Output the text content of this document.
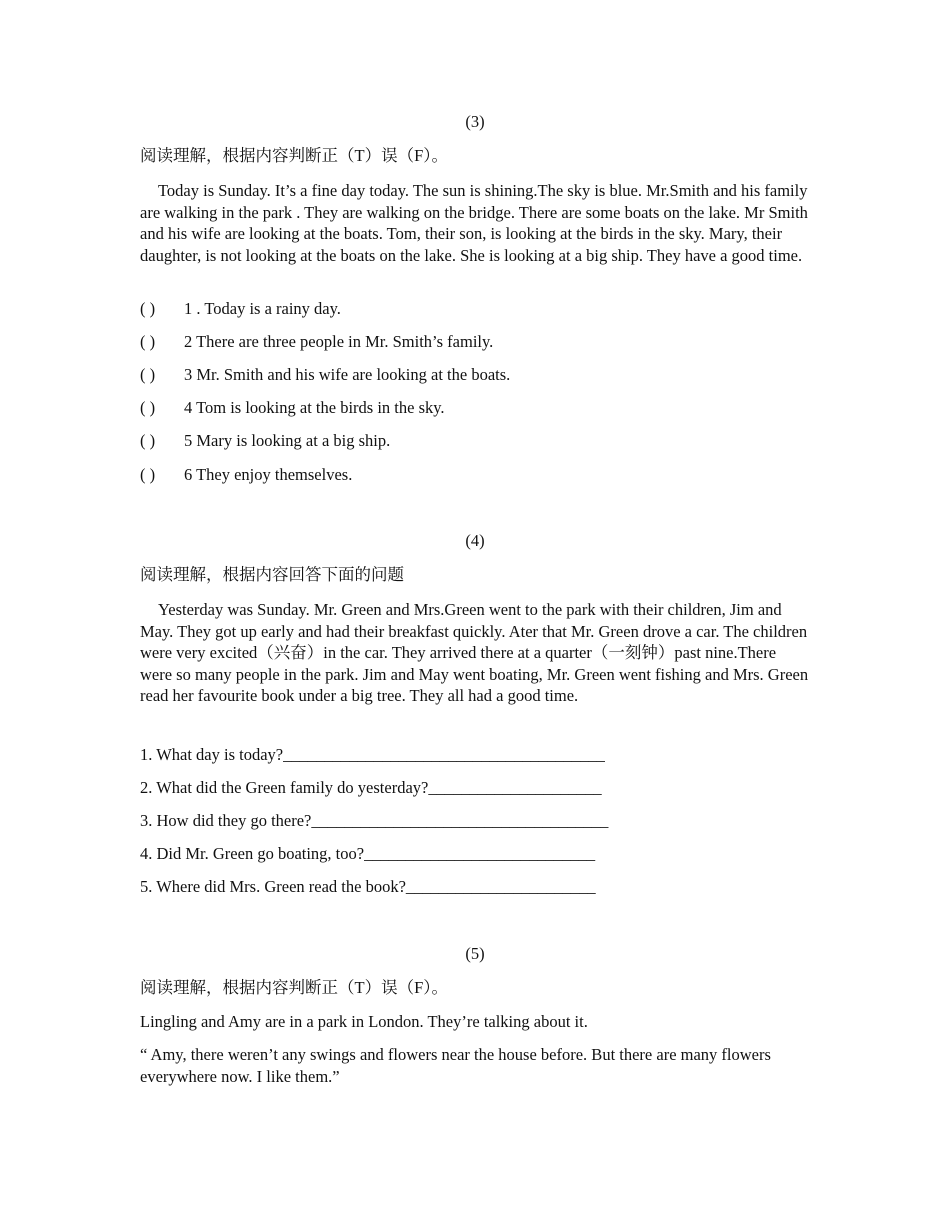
(3)
阅读理解，根据内容判断正（T）误（F）。
Today is Sunday. It’s a fine day today. The sun is shining.The sky is blue. Mr.Smith and his family are walking in the park . They are walking on the bridge. There are some boats on the lake. Mr Smith and his wife are looking at the boats. Tom, their son, is looking at the birds in the sky. Mary, their daughter, is not looking at the boats on the lake. She is looking at a big ship. They have a good time.
( ) 1 . Today is a rainy day.
( ) 2 There are three people in Mr. Smith’s family.
( ) 3 Mr. Smith and his wife are looking at the boats.
( ) 4 Tom is looking at the birds in the sky.
( ) 5 Mary is looking at a big ship.
( ) 6 They enjoy themselves.
(4)
阅读理解，根据内容回答下面的问题
Yesterday was Sunday. Mr. Green and Mrs.Green went to the park with their children, Jim and May. They got up early and had their breakfast quickly. Ater that Mr. Green drove a car. The children were very excited（兴奋）in the car. They arrived there at a quarter（一刻钟）past nine.There were so many people in the park. Jim and May went boating, Mr. Green went fishing and Mrs. Green read her favourite book under a big tree. They all had a good time.
1. What day is today?_______________________________________
2. What did the Green family do yesterday?_____________________
3. How did they go there?____________________________________
4. Did Mr. Green go boating, too?____________________________
5. Where did Mrs. Green read the book?_______________________
(5)
阅读理解，根据内容判断正（T）误（F）。
Lingling and Amy are in a park in London. They’re talking about it.
“ Amy, there weren’t any swings and flowers near the house before. But there are many flowers everywhere now. I like them.”
